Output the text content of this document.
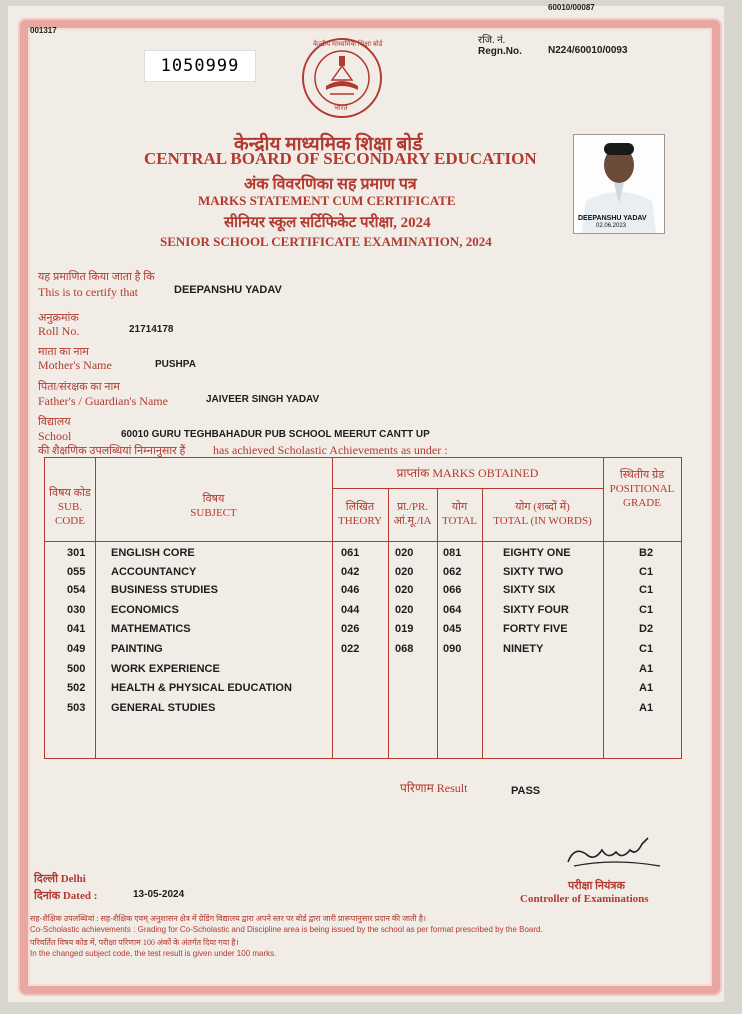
001317
60010/00087
1050999
रजि. नं.
Regn.No.	N224/60010/0093
केन्द्रीय माध्यमिक शिक्षा बोर्ड
भारत
केन्द्रीय माध्यमिक शिक्षा बोर्ड
CENTRAL BOARD OF SECONDARY EDUCATION
अंक विवरणिका सह प्रमाण पत्र
MARKS STATEMENT CUM CERTIFICATE
सीनियर स्कूल सर्टिफिकेट परीक्षा, 2024
SENIOR SCHOOL CERTIFICATE EXAMINATION, 2024
DEEPANSHU YADAV
02.06.2023
यह प्रमाणित किया जाता है कि
This is to certify that	DEEPANSHU YADAV
अनुक्रमांक
Roll No.	21714178
माता का नाम
Mother's Name	PUSHPA
पिता/संरक्षक का नाम
Father's / Guardian's Name	JAIVEER SINGH YADAV
विद्यालय
School	60010 GURU TEGHBAHADUR PUB SCHOOL MEERUT CANTT UP
की शैक्षणिक उपलब्धियां निम्नानुसार हैं has achieved Scholastic Achievements as under :
विषय कोड
SUB.
CODE
विषय
SUBJECT
प्राप्तांक MARKS OBTAINED
लिखित
THEORY
प्रा./PR.
आं.मू./IA
योग
TOTAL
योग (शब्दों में)
TOTAL (IN WORDS)
स्थितीय ग्रेड
POSITIONAL
GRADE
301 ENGLISH CORE	061	020	081	EIGHTY ONE	B2
055 ACCOUNTANCY	042	020	062	SIXTY TWO	C1
054 BUSINESS STUDIES	046	020	066	SIXTY SIX	C1
030 ECONOMICS	044	020	064	SIXTY FOUR	C1
041 MATHEMATICS	026	019	045	FORTY FIVE	D2
049 PAINTING	022	068	090	NINETY	C1
500 WORK EXPERIENCE	A1
502 HEALTH & PHYSICAL EDUCATION	A1
503 GENERAL STUDIES	A1
परिणाम Result	PASS
परीक्षा नियंत्रक
Controller of Examinations
दिल्ली Delhi
दिनांक Dated :	13-05-2024
सह-शैक्षिक उपलब्धियां : सह-शैक्षिक एवम् अनुशासन क्षेत्र में ग्रेडिंग विद्यालय द्वारा अपने स्तर पर बोर्ड द्वारा जारी प्रारूपानुसार प्रदान की जाती है।
Co-Scholastic achievements : Grading for Co-Scholastic and Discipline area is being issued by the school as per format prescribed by the Board.
परिवर्तित विषय कोड में, परीक्षा परिणाम 100 अंकों के अंतर्गत दिया गया है।
In the changed subject code, the test result is given under 100 marks.
